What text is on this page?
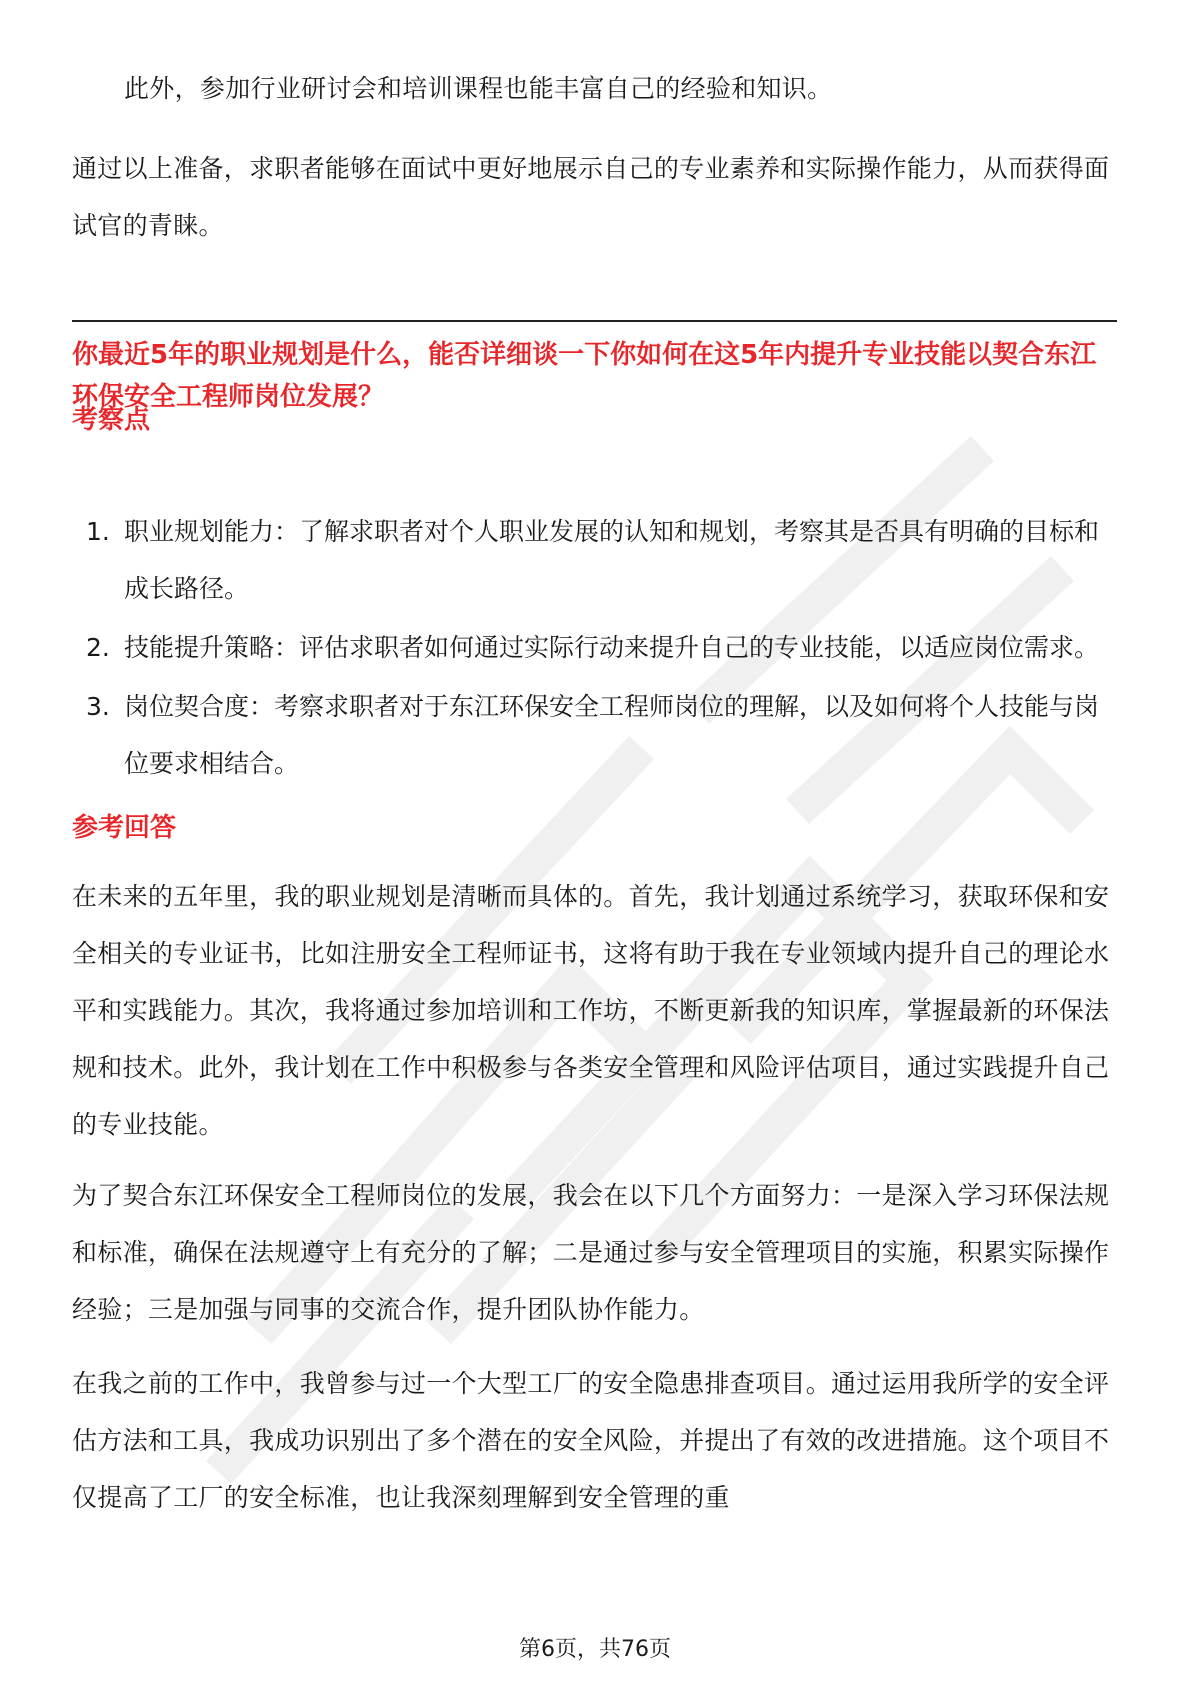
此外，参加行业研讨会和培训课程也能丰富自己的经验和知识。

通过以上准备，求职者能够在面试中更好地展示自己的专业素养和实际操作能力，从而获得面试官的青睐。

你最近5年的职业规划是什么，能否详细谈一下你如何在这5年内提升专业技能以契合东江环保安全工程师岗位发展？

考察点

1. 职业规划能力：了解求职者对个人职业发展的认知和规划，考察其是否具有明确的目标和成长路径。
2. 技能提升策略：评估求职者如何通过实际行动来提升自己的专业技能，以适应岗位需求。
3. 岗位契合度：考察求职者对于东江环保安全工程师岗位的理解，以及如何将个人技能与岗位要求相结合。

参考回答

在未来的五年里，我的职业规划是清晰而具体的。首先，我计划通过系统学习，获取环保和安全相关的专业证书，比如注册安全工程师证书，这将有助于我在专业领域内提升自己的理论水平和实践能力。其次，我将通过参加培训和工作坊，不断更新我的知识库，掌握最新的环保法规和技术。此外，我计划在工作中积极参与各类安全管理和风险评估项目，通过实践提升自己的专业技能。

为了契合东江环保安全工程师岗位的发展，我会在以下几个方面努力：一是深入学习环保法规和标准，确保在法规遵守上有充分的了解；二是通过参与安全管理项目的实施，积累实际操作经验；三是加强与同事的交流合作，提升团队协作能力。

在我之前的工作中，我曾参与过一个大型工厂的安全隐患排查项目。通过运用我所学的安全评估方法和工具，我成功识别出了多个潜在的安全风险，并提出了有效的改进措施。这个项目不仅提高了工厂的安全标准，也让我深刻理解到安全管理的重

第6页，共76页
